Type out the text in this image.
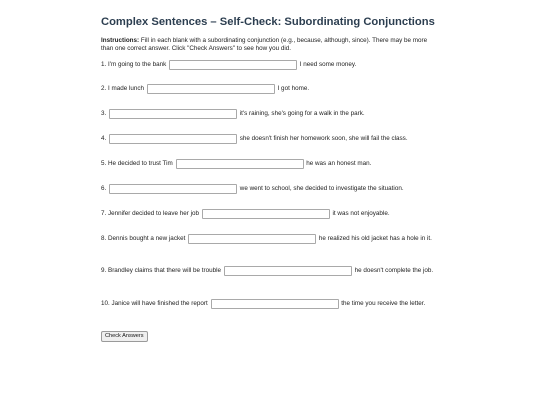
Complex Sentences – Self-Check: Subordinating Conjunctions

Instructions: Fill in each blank with a subordinating conjunction (e.g., because, although, since). There may be more than one correct answer. Click "Check Answers" to see how you did.

1. I'm going to the bank	I need some money.
2. I made lunch	I got home.
3.	it's raining, she's going for a walk in the park.
4.	she doesn't finish her homework soon, she will fail the class.
5. He decided to trust Tim	he was an honest man.
6.	we went to school, she decided to investigate the situation.
7. Jennifer decided to leave her job	it was not enjoyable.
8. Dennis bought a new jacket	he realized his old jacket has a hole in it.
9. Brandley claims that there will be trouble	he doesn't complete the job.
10. Janice will have finished the report	the time you receive the letter.
Check Answers
